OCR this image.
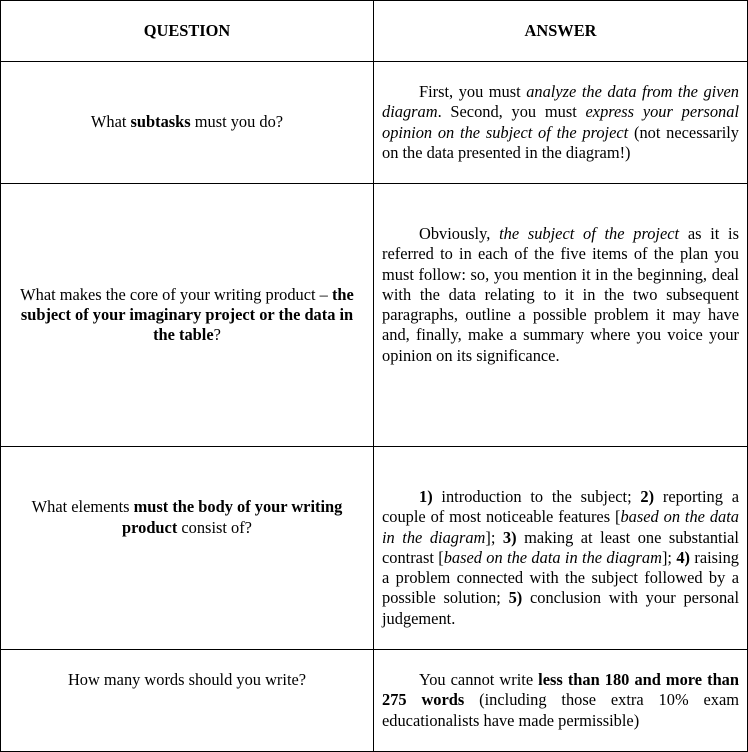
QUESTION	ANSWER
What subtasks must you do?
First, you must analyze the data from the given diagram. Second, you must express your personal opinion on the subject of the project (not necessarily on the data presented in the diagram!)
What makes the core of your writing product – the subject of your imaginary project or the data in the table?
Obviously, the subject of the project as it is referred to in each of the five items of the plan you must follow: so, you mention it in the beginning, deal with the data relating to it in the two subsequent paragraphs, outline a possible problem it may have and, finally, make a summary where you voice your opinion on its significance.
What elements must the body of your writing product consist of?
1) introduction to the subject; 2) reporting a couple of most noticeable features [based on the data in the diagram]; 3) making at least one substantial contrast [based on the data in the diagram]; 4) raising a problem connected with the subject followed by a possible solution; 5) conclusion with your personal judgement.
How many words should you write?	You cannot write less than 180 and more than 275 words (including those extra 10% exam educationalists have made permissible)
